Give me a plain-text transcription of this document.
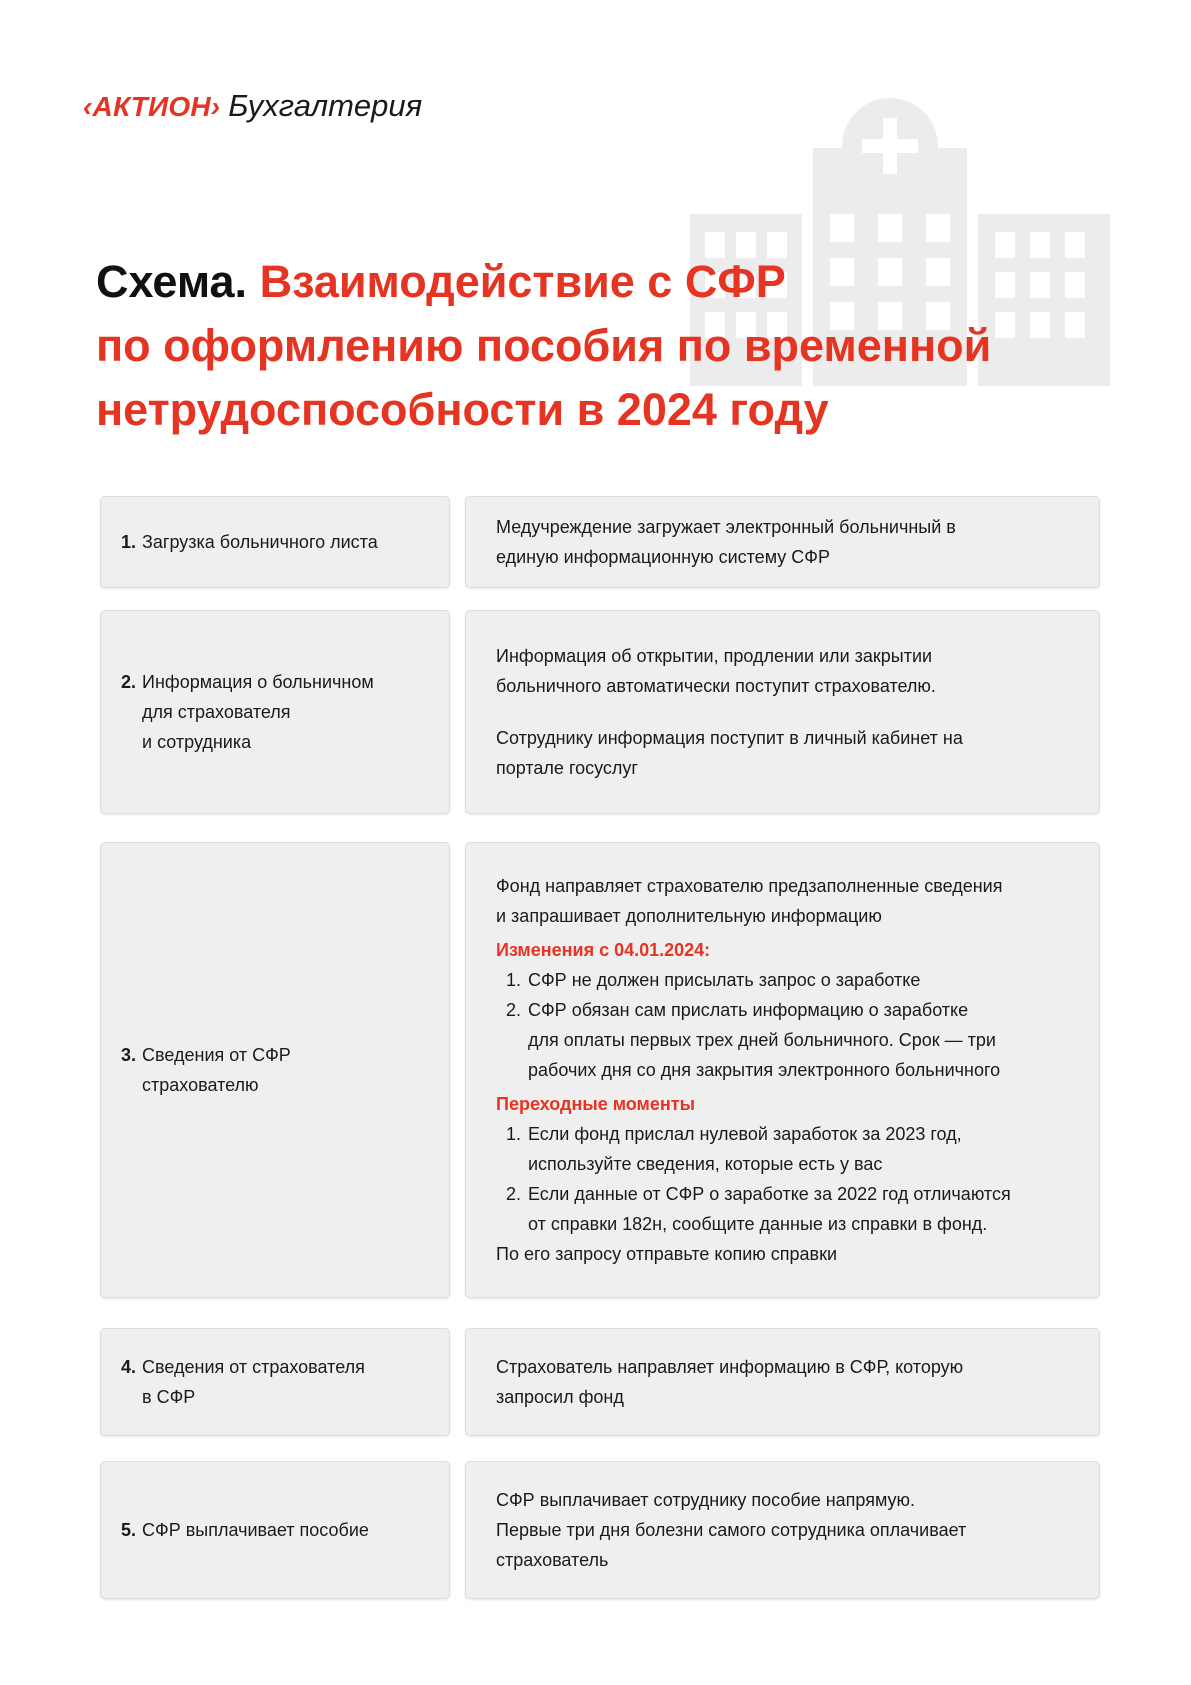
‹АКТИОН› Бухгалтерия
Схема. Взаимодействие с СФР
по оформлению пособия по временной
нетрудоспособности в 2024 году
1. Загрузка больничного листа

Медучреждение загружает электронный больничный в
единую информационную систему СФР

2. Информация о больничном
для страхователя
и сотрудника

Информация об открытии, продлении или закрытии
больничного автоматически поступит страхователю.

Сотруднику информация поступит в личный кабинет на
портале госуслуг

3. Сведения от СФР
страхователю

Фонд направляет страхователю предзаполненные сведения
и запрашивает дополнительную информацию

Изменения с 04.01.2024:
1. СФР не должен присылать запрос о заработке
2. СФР обязан сам прислать информацию о заработке
для оплаты первых трех дней больничного. Срок — три
рабочих дня со дня закрытия электронного больничного
Переходные моменты
1. Если фонд прислал нулевой заработок за 2023 год,
используйте сведения, которые есть у вас
2. Если данные от СФР о заработке за 2022 год отличаются
от справки 182н, сообщите данные из справки в фонд.
По его запросу отправьте копию справки
4. Сведения от страхователя
в СФР

Страхователь направляет информацию в СФР, которую
запросил фонд

5. СФР выплачивает пособие

СФР выплачивает сотруднику пособие напрямую.
Первые три дня болезни самого сотрудника оплачивает
страхователь
